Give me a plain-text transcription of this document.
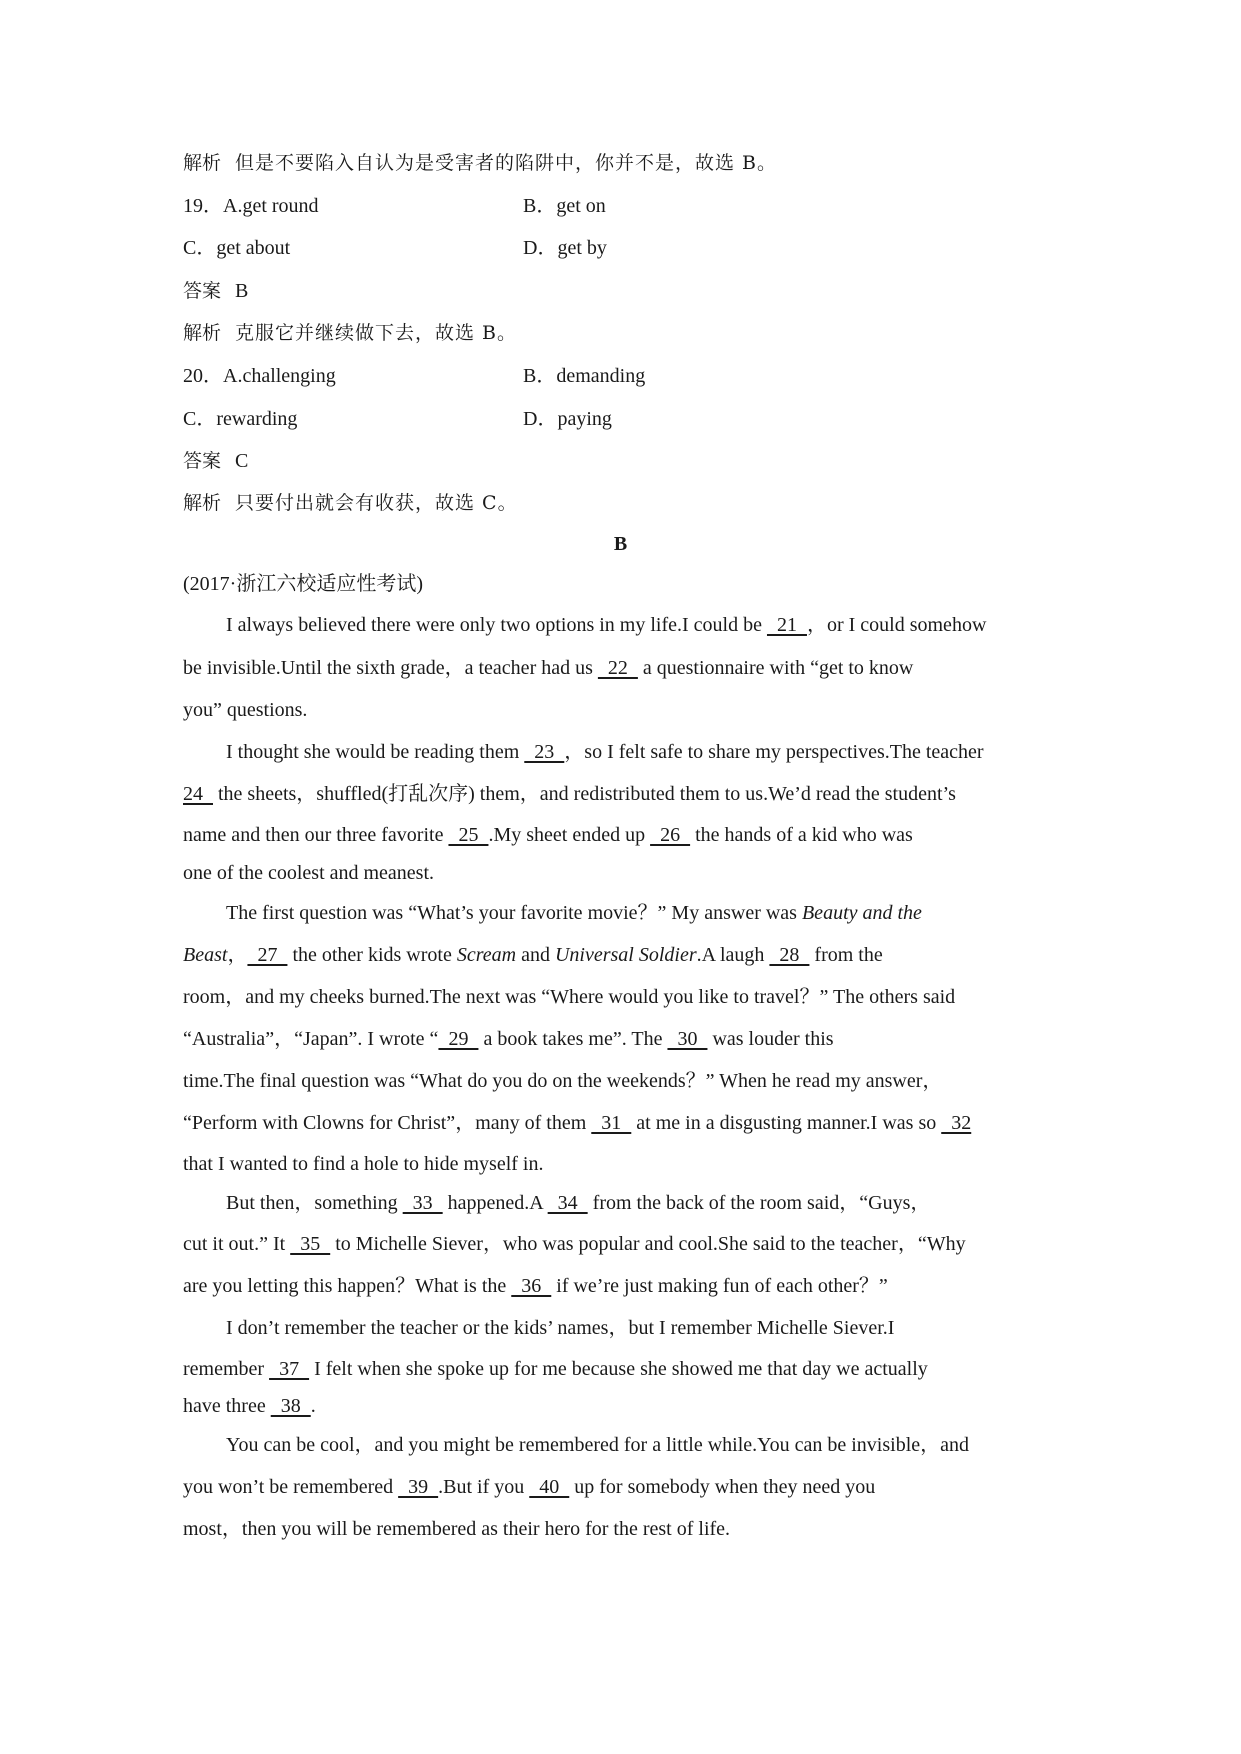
解析 但是不要陷入自认为是受害者的陷阱中，你并不是，故选 B。
19．A.get round	B．get on
C．get about	D．get by
答案 B
解析 克服它并继续做下去，故选 B。
20．A.challenging	B．demanding
C．rewarding	D．paying
答案 C
解析 只要付出就会有收获，故选 C。
B
(2017·浙江六校适应性考试)
I always believed there were only two options in my life.I could be   21  ，or I could somehow
be invisible.Until the sixth grade，a teacher had us   22   a questionnaire with “get to know
you” questions.
I thought she would be reading them   23  ，so I felt safe to share my perspectives.The teacher
24   the sheets，shuffled(打乱次序) them，and redistributed them to us.We’d read the student’s
name and then our three favorite   25  .My sheet ended up   26   the hands of a kid who was
one of the coolest and meanest.
The first question was “What’s your favorite movie？” My answer was Beauty and the
Beast，  27   the other kids wrote Scream and Universal Soldier.A laugh   28   from the
room，and my cheeks burned.The next was “Where would you like to travel？” The others said
“Australia”，“Japan”. I wrote “  29   a book takes me”. The   30   was louder this
time.The final question was “What do you do on the weekends？” When he read my answer，
“Perform with Clowns for Christ”，many of them   31   at me in a disgusting manner.I was so   32
that I wanted to find a hole to hide myself in.
But then，something   33   happened.A   34   from the back of the room said，“Guys，
cut it out.” It   35   to Michelle Siever，who was popular and cool.She said to the teacher，“Why
are you letting this happen？What is the   36   if we’re just making fun of each other？”
I don’t remember the teacher or the kids’ names，but I remember Michelle Siever.I
remember   37   I felt when she spoke up for me because she showed me that day we actually
have three   38  .
You can be cool，and you might be remembered for a little while.You can be invisible，and
you won’t be remembered   39  .But if you   40   up for somebody when they need you
most，then you will be remembered as their hero for the rest of life.
